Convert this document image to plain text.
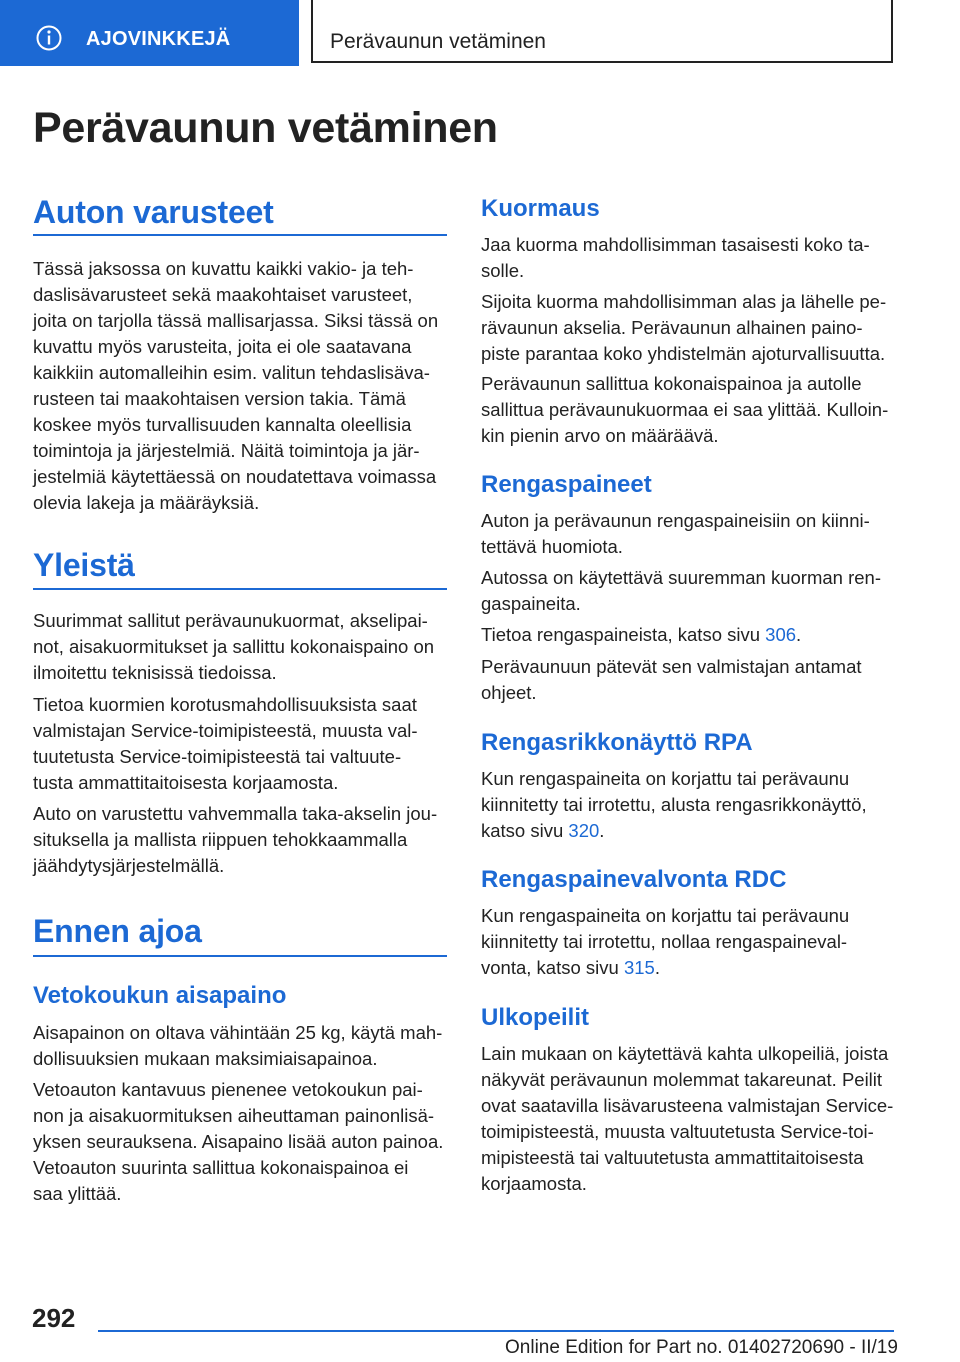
AJOVINKKEJÄ	Perävaunun vetäminen
Perävaunun vetäminen
Auton varusteet

Tässä jaksossa on kuvattu kaikki vakio- ja teh-
daslisävarusteet sekä maakohtaiset varusteet,
joita on tarjolla tässä mallisarjassa. Siksi tässä on
kuvattu myös varusteita, joita ei ole saatavana
kaikkiin automalleihin esim. valitun tehdaslisäva-
rusteen tai maakohtaisen version takia. Tämä
koskee myös turvallisuuden kannalta oleellisia
toimintoja ja järjestelmiä. Näitä toimintoja ja jär-
jestelmiä käytettäessä on noudatettava voimassa
olevia lakeja ja määräyksiä.

Yleistä

Suurimmat sallitut perävaunukuormat, akselipai-
not, aisakuormitukset ja sallittu kokonaispaino on
ilmoitettu teknisissä tiedoissa.

Tietoa kuormien korotusmahdollisuuksista saat
valmistajan Service-toimipisteestä, muusta val-
tuutetusta Service-toimipisteestä tai valtuute-
tusta ammattitaitoisesta korjaamosta.

Auto on varustettu vahvemmalla taka-akselin jou-
situksella ja mallista riippuen tehokkaammalla
jäähdytysjärjestelmällä.

Ennen ajoa
Vetokoukun aisapaino

Aisapainon on oltava vähintään 25 kg, käytä mah-
dollisuuksien mukaan maksimiaisapainoa.

Vetoauton kantavuus pienenee vetokoukun pai-
non ja aisakuormituksen aiheuttaman painonlisä-
yksen seurauksena. Aisapaino lisää auton painoa.
Vetoauton suurinta sallittua kokonaispainoa ei
saa ylittää.

Kuormaus

Jaa kuorma mahdollisimman tasaisesti koko ta-
solle.

Sijoita kuorma mahdollisimman alas ja lähelle pe-
rävaunun akselia. Perävaunun alhainen paino-
piste parantaa koko yhdistelmän ajoturvallisuutta.

Perävaunun sallittua kokonaispainoa ja autolle
sallittua perävaunukuormaa ei saa ylittää. Kulloin-
kin pienin arvo on määräävä.

Rengaspaineet

Auton ja perävaunun rengaspaineisiin on kiinni-
tettävä huomiota.

Autossa on käytettävä suuremman kuorman ren-
gaspaineita.

Tietoa rengaspaineista, katso sivu 306.

Perävaunuun pätevät sen valmistajan antamat
ohjeet.

Rengasrikkonäyttö RPA

Kun rengaspaineita on korjattu tai perävaunu
kiinnitetty tai irrotettu, alusta rengasrikkonäyttö,
katso sivu 320.

Rengaspainevalvonta RDC

Kun rengaspaineita on korjattu tai perävaunu
kiinnitetty tai irrotettu, nollaa rengaspaineval-
vonta, katso sivu 315.

Ulkopeilit

Lain mukaan on käytettävä kahta ulkopeiliä, joista
näkyvät perävaunun molemmat takareunat. Peilit
ovat saatavilla lisävarusteena valmistajan Service-
toimipisteestä, muusta valtuutetusta Service-toi-
mipisteestä tai valtuutetusta ammattitaitoisesta
korjaamosta.

292
Online Edition for Part no. 01402720690 - II/19
